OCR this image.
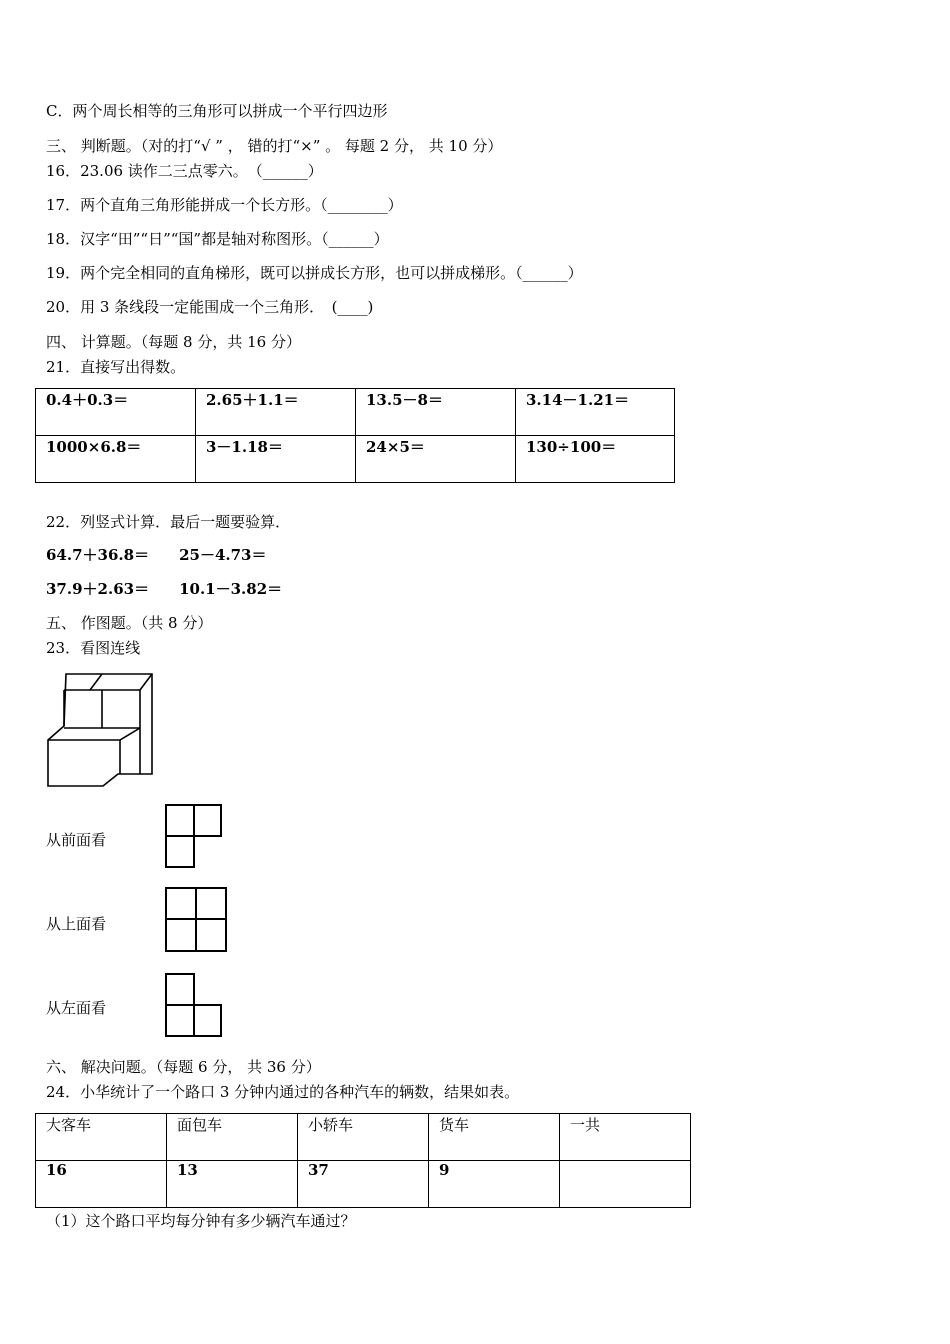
C．两个周长相等的三角形可以拼成一个平行四边形
三、 判断题。（对的打“√ ” ， 错的打“×” 。 每题 2 分， 共 10 分）
16．23.06 读作二三点零六。　（______）
17．两个直角三角形能拼成一个长方形。（________）
18．汉字“田”“日”“国”都是轴对称图形。（______）
19．两个完全相同的直角梯形，既可以拼成长方形，也可以拼成梯形。（______）
20．用 3 条线段一定能围成一个三角形．　(____)
四、 计算题。（每题 8 分，共 16 分）
21．直接写出得数。
0.4＋0.3＝	2.65＋1.1＝	13.5－8＝	3.14－1.21＝
1000×6.8＝	3－1.18＝	24×5＝	130÷100＝
22．列竖式计算．最后一题要验算．
64.7＋36.8＝　　25－4.73＝
37.9＋2.63＝　　10.1－3.82＝
五、 作图题。（共 8 分）
23．看图连线
从前面看
从上面看
从左面看
六、 解决问题。（每题 6 分， 共 36 分）
24．小华统计了一个路口 3 分钟内通过的各种汽车的辆数，结果如表。
大客车	面包车	小轿车	货车	一共
16	13	37	9	
（1）这个路口平均每分钟有多少辆汽车通过？
